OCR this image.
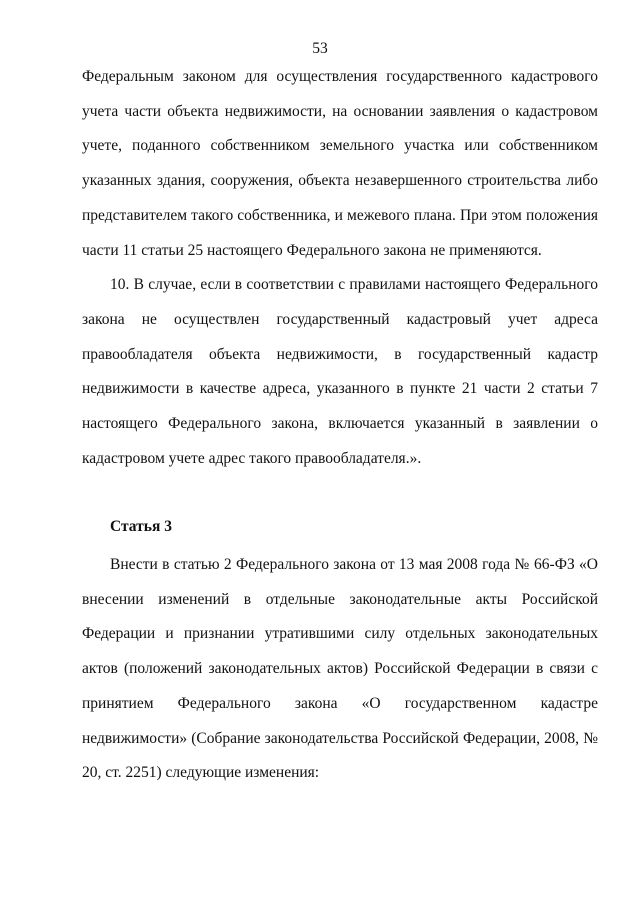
53

Федеральным законом для осуществления государственного кадастрового учета части объекта недвижимости, на основании заявления о кадастровом учете, поданного собственником земельного участка или собственником указанных здания, сооружения, объекта незавершенного строительства либо представителем такого собственника, и межевого плана. При этом положения части 11 статьи 25 настоящего Федерального закона не применяются.

10. В случае, если в соответствии с правилами настоящего Федерального закона не осуществлен государственный кадастровый учет адреса правообладателя объекта недвижимости, в государственный кадастр недвижимости в качестве адреса, указанного в пункте 21 части 2 статьи 7 настоящего Федерального закона, включается указанный в заявлении о кадастровом учете адрес такого правообладателя.».

Статья 3

Внести в статью 2 Федерального закона от 13 мая 2008 года № 66-ФЗ «О внесении изменений в отдельные законодательные акты Российской Федерации и признании утратившими силу отдельных законодательных актов (положений законодательных актов) Российской Федерации в связи с принятием Федерального закона «О государственном кадастре недвижимости» (Собрание законодательства Российской Федерации, 2008, № 20, ст. 2251) следующие изменения:
